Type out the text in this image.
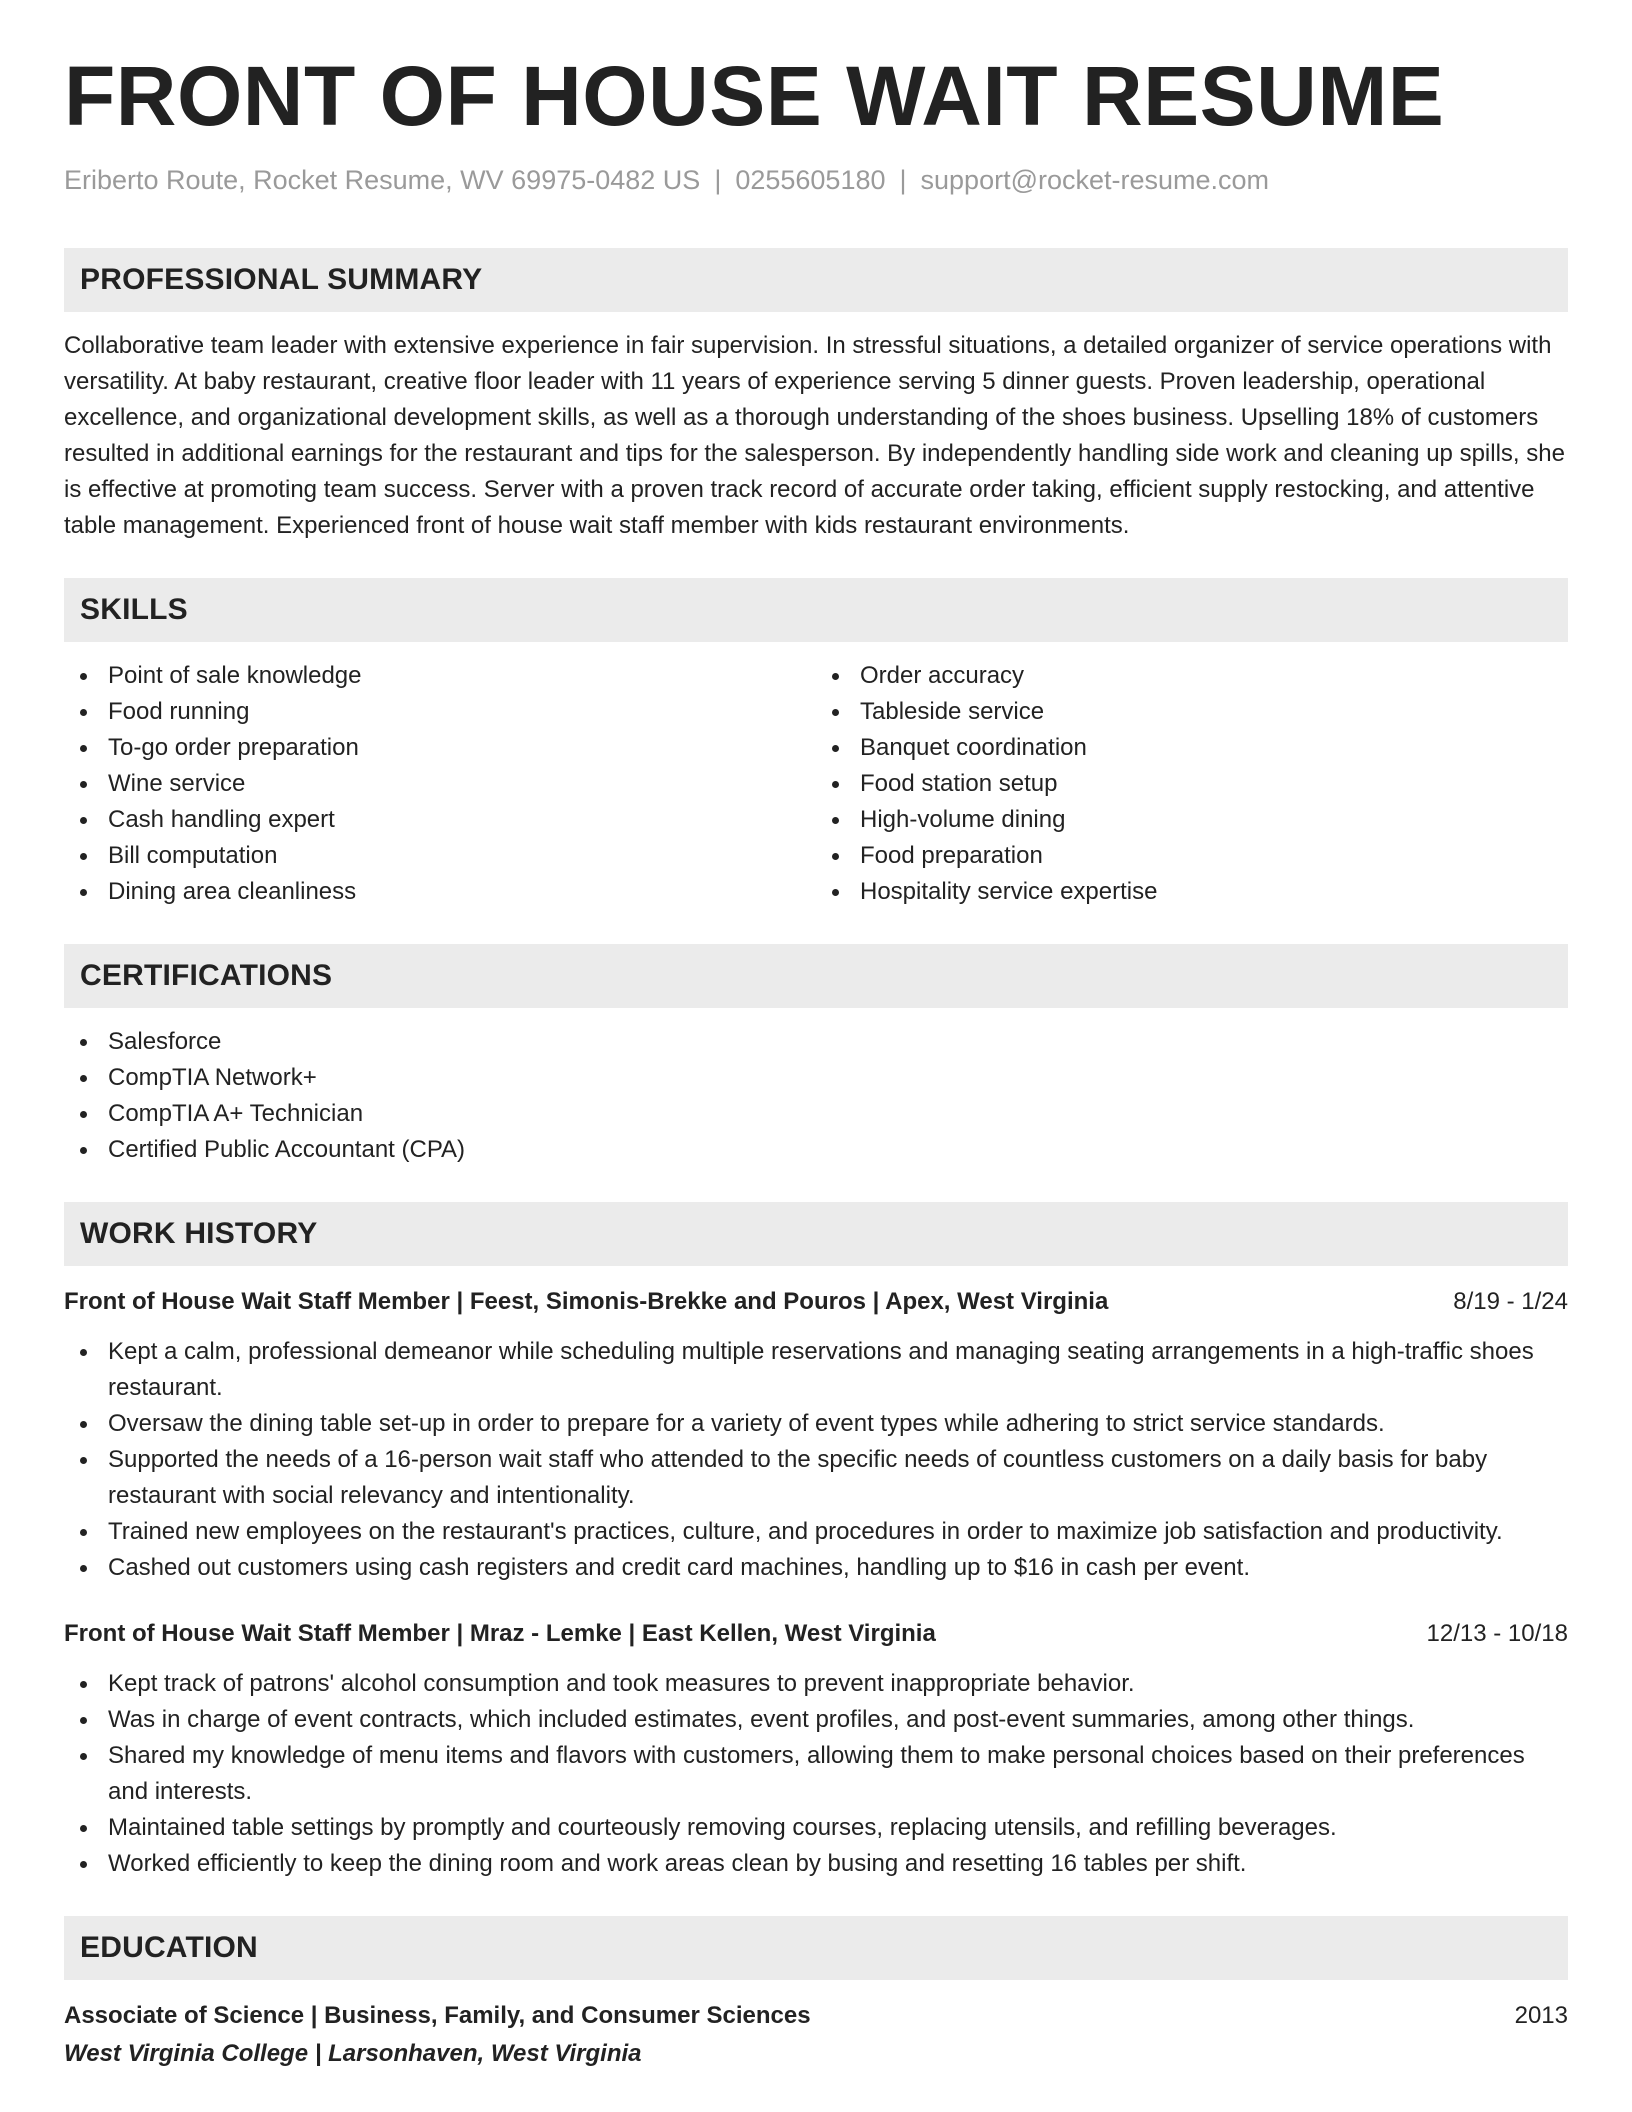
FRONT OF HOUSE WAIT RESUME
Eriberto Route, Rocket Resume, WV 69975-0482 US | 0255605180 | support@rocket-resume.com
PROFESSIONAL SUMMARY

Collaborative team leader with extensive experience in fair supervision. In stressful situations, a detailed organizer of service operations with versatility. At baby restaurant, creative floor leader with 11 years of experience serving 5 dinner guests. Proven leadership, operational excellence, and organizational development skills, as well as a thorough understanding of the shoes business. Upselling 18% of customers resulted in additional earnings for the restaurant and tips for the salesperson. By independently handling side work and cleaning up spills, she is effective at promoting team success. Server with a proven track record of accurate order taking, efficient supply restocking, and attentive table management. Experienced front of house wait staff member with kids restaurant environments.

SKILLS
Point of sale knowledge
Food running
To-go order preparation
Wine service
Cash handling expert
Bill computation
Dining area cleanliness
Order accuracy
Tableside service
Banquet coordination
Food station setup
High-volume dining
Food preparation
Hospitality service expertise
CERTIFICATIONS
Salesforce
CompTIA Network+
CompTIA A+ Technician
Certified Public Accountant (CPA)
WORK HISTORY
Front of House Wait Staff Member | Feest, Simonis-Brekke and Pouros | Apex, West Virginia	8/19 - 1/24
Kept a calm, professional demeanor while scheduling multiple reservations and managing seating arrangements in a high-traffic shoes restaurant.
Oversaw the dining table set-up in order to prepare for a variety of event types while adhering to strict service standards.
Supported the needs of a 16-person wait staff who attended to the specific needs of countless customers on a daily basis for baby restaurant with social relevancy and intentionality.
Trained new employees on the restaurant's practices, culture, and procedures in order to maximize job satisfaction and productivity.
Cashed out customers using cash registers and credit card machines, handling up to $16 in cash per event.
Front of House Wait Staff Member | Mraz - Lemke | East Kellen, West Virginia	12/13 - 10/18
Kept track of patrons' alcohol consumption and took measures to prevent inappropriate behavior.
Was in charge of event contracts, which included estimates, event profiles, and post-event summaries, among other things.
Shared my knowledge of menu items and flavors with customers, allowing them to make personal choices based on their preferences and interests.
Maintained table settings by promptly and courteously removing courses, replacing utensils, and refilling beverages.
Worked efficiently to keep the dining room and work areas clean by busing and resetting 16 tables per shift.
EDUCATION
Associate of Science | Business, Family, and Consumer Sciences	2013
West Virginia College | Larsonhaven, West Virginia
